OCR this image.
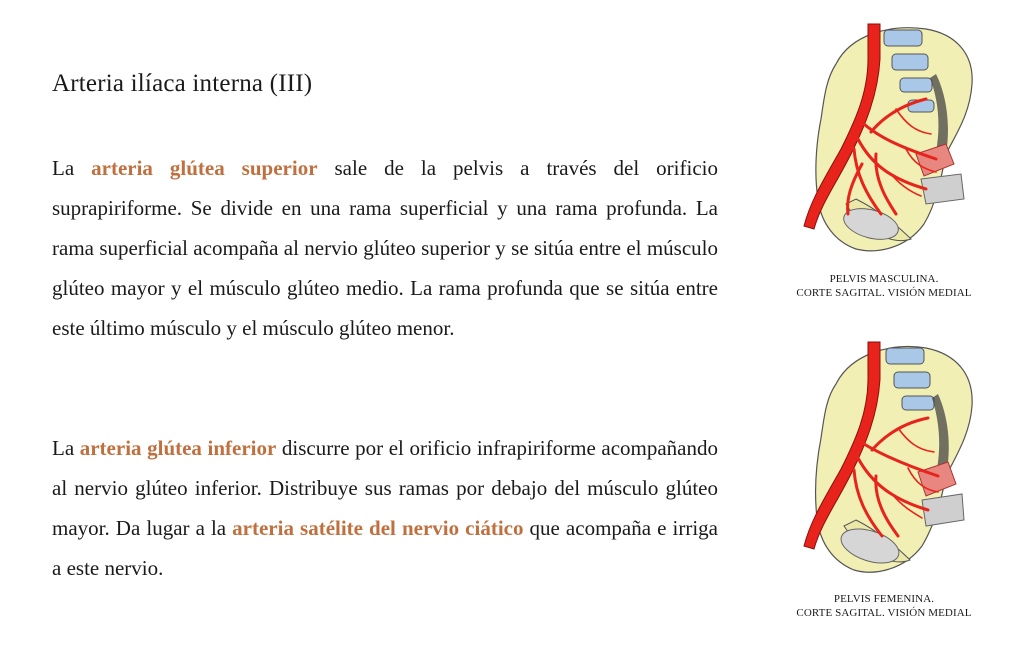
Arteria ilíaca interna (III)

La arteria glútea superior sale de la pelvis a través del orificio suprapiriforme. Se divide en una rama superficial y una rama profunda. La rama superficial acompaña al nervio glúteo superior y se sitúa entre el músculo glúteo mayor y el músculo glúteo medio. La rama profunda que se sitúa entre este último músculo y el músculo glúteo menor.

La arteria glútea inferior discurre por el orificio infrapiriforme acompañando al nervio glúteo inferior. Distribuye sus ramas por debajo del músculo glúteo mayor. Da lugar a la arteria satélite del nervio ciático que acompaña e irriga a este nervio.

PELVIS MASCULINA.
CORTE SAGITAL. VISIÓN MEDIAL
PELVIS FEMENINA.
CORTE SAGITAL. VISIÓN MEDIAL
